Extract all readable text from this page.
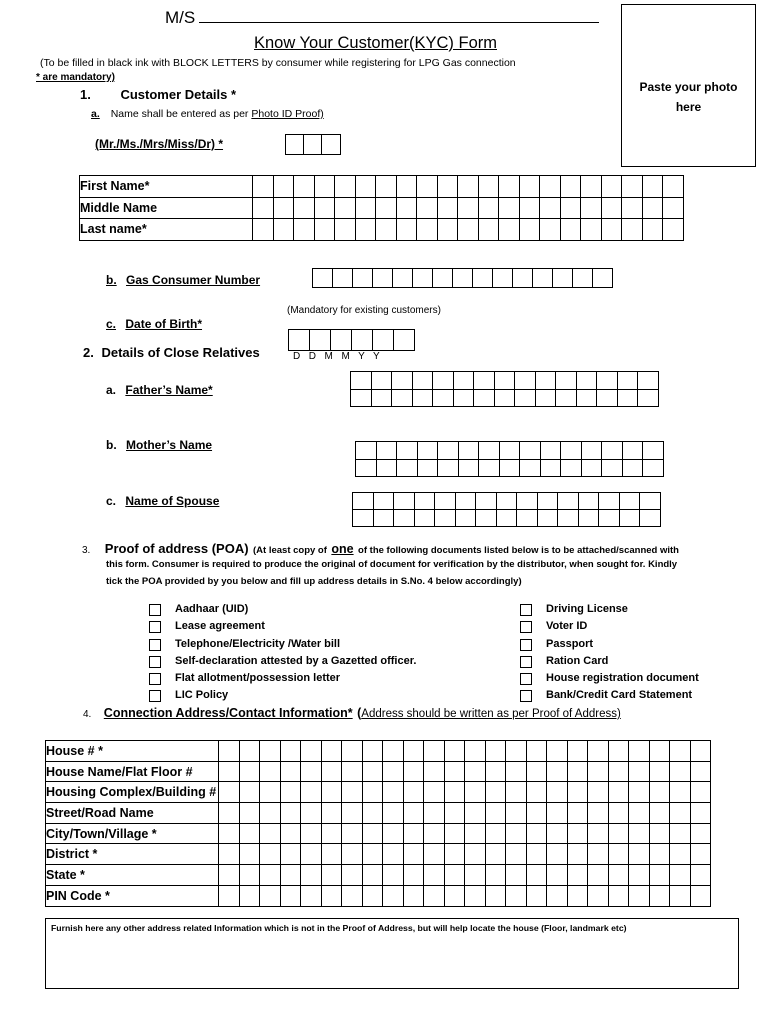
M/S
Know Your Customer(KYC) Form
(To be filled in black ink with BLOCK LETTERS by consumer while registering for LPG Gas connection
* are mandatory)
Paste your photo here
1. Customer Details *
a. Name shall be entered as per Photo ID Proof)
(Mr./Ms./Mrs/Miss/Dr) *

First Name*																					
Middle Name																					
Last name*																					
b. Gas Consumer Number

(Mandatory for existing customers)
c. Date of Birth*

D  D  M  M  Y  Y
2. Details of Close Relatives
a. Father’s Name*

b. Mother’s Name

c. Name of Spouse

3. Proof of address (POA) (At least copy of one of the following documents listed below is to be attached/scanned with
this form. Consumer is required to produce the original of document for verification by the distributor, when sought for. Kindly
tick the POA provided by you below and fill up address details in S.No. 4 below accordingly)
Aadhaar (UID)
Lease agreement
Telephone/Electricity /Water bill
Self-declaration attested by a Gazetted officer.
Flat allotment/possession letter
LIC Policy
Driving License
Voter ID
Passport
Ration Card
House registration document
Bank/Credit Card Statement
4. Connection Address/Contact Information* (Address should be written as per Proof of Address)
House # *																								
House Name/Flat Floor #																								
Housing Complex/Building #																								
Street/Road Name																								
City/Town/Village *																								
District *																								
State *																								
PIN Code *																								
Furnish here any other address related Information which is not in the Proof of Address, but will help locate the house (Floor, landmark etc)
